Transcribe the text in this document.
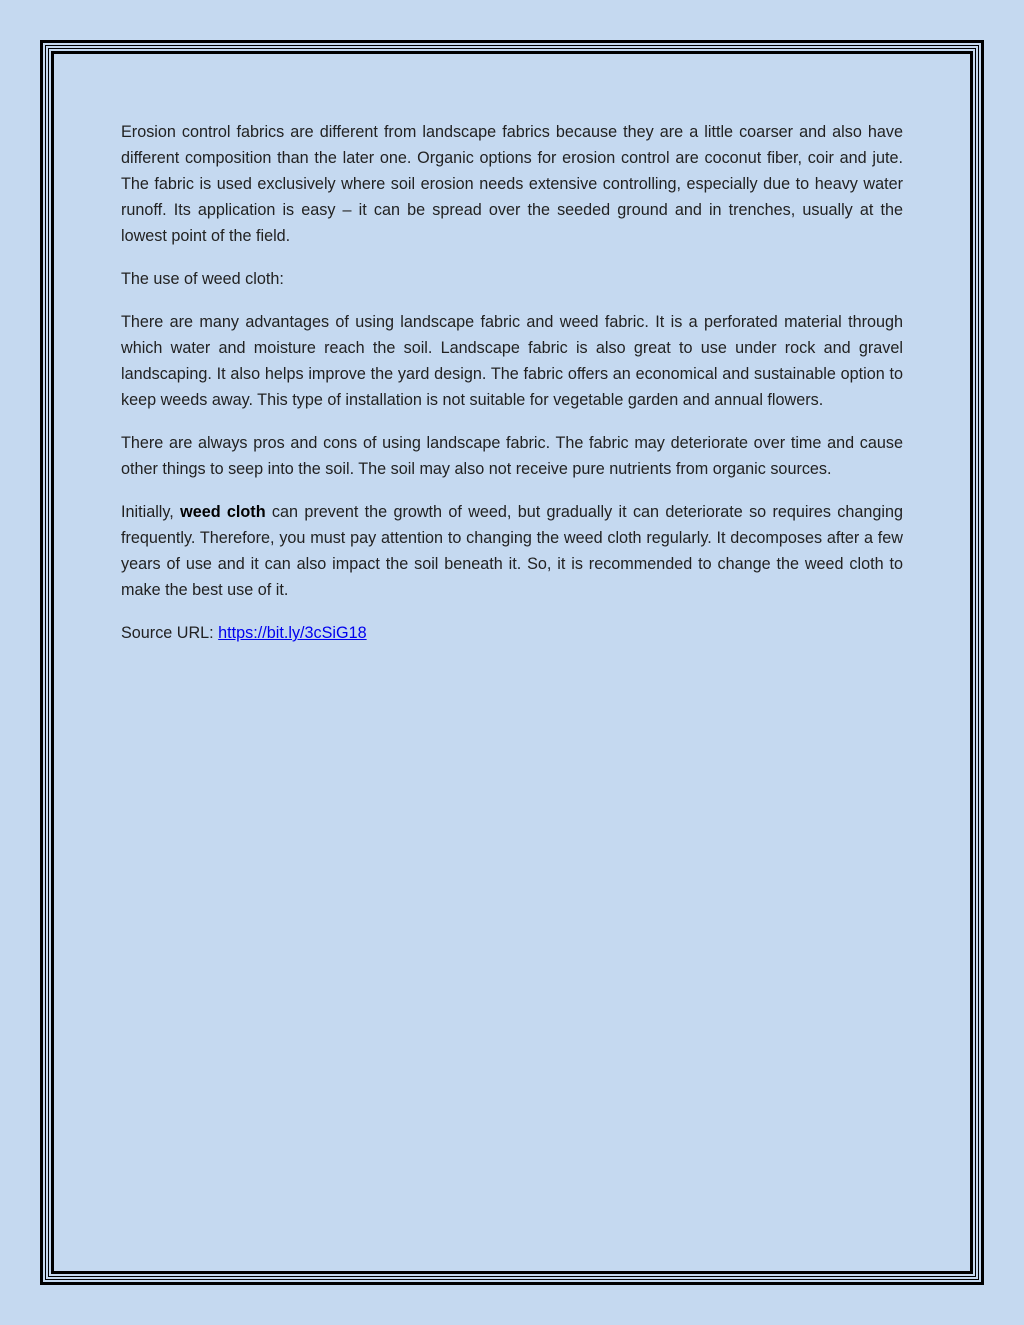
Erosion control fabrics are different from landscape fabrics because they are a little coarser and also have different composition than the later one. Organic options for erosion control are coconut fiber, coir and jute. The fabric is used exclusively where soil erosion needs extensive controlling, especially due to heavy water runoff. Its application is easy – it can be spread over the seeded ground and in trenches, usually at the lowest point of the field.

The use of weed cloth:

There are many advantages of using landscape fabric and weed fabric. It is a perforated material through which water and moisture reach the soil. Landscape fabric is also great to use under rock and gravel landscaping. It also helps improve the yard design. The fabric offers an economical and sustainable option to keep weeds away. This type of installation is not suitable for vegetable garden and annual flowers.

There are always pros and cons of using landscape fabric. The fabric may deteriorate over time and cause other things to seep into the soil. The soil may also not receive pure nutrients from organic sources.

Initially, weed cloth can prevent the growth of weed, but gradually it can deteriorate so requires changing frequently. Therefore, you must pay attention to changing the weed cloth regularly. It decomposes after a few years of use and it can also impact the soil beneath it. So, it is recommended to change the weed cloth to make the best use of it.

Source URL: https://bit.ly/3cSiG18
